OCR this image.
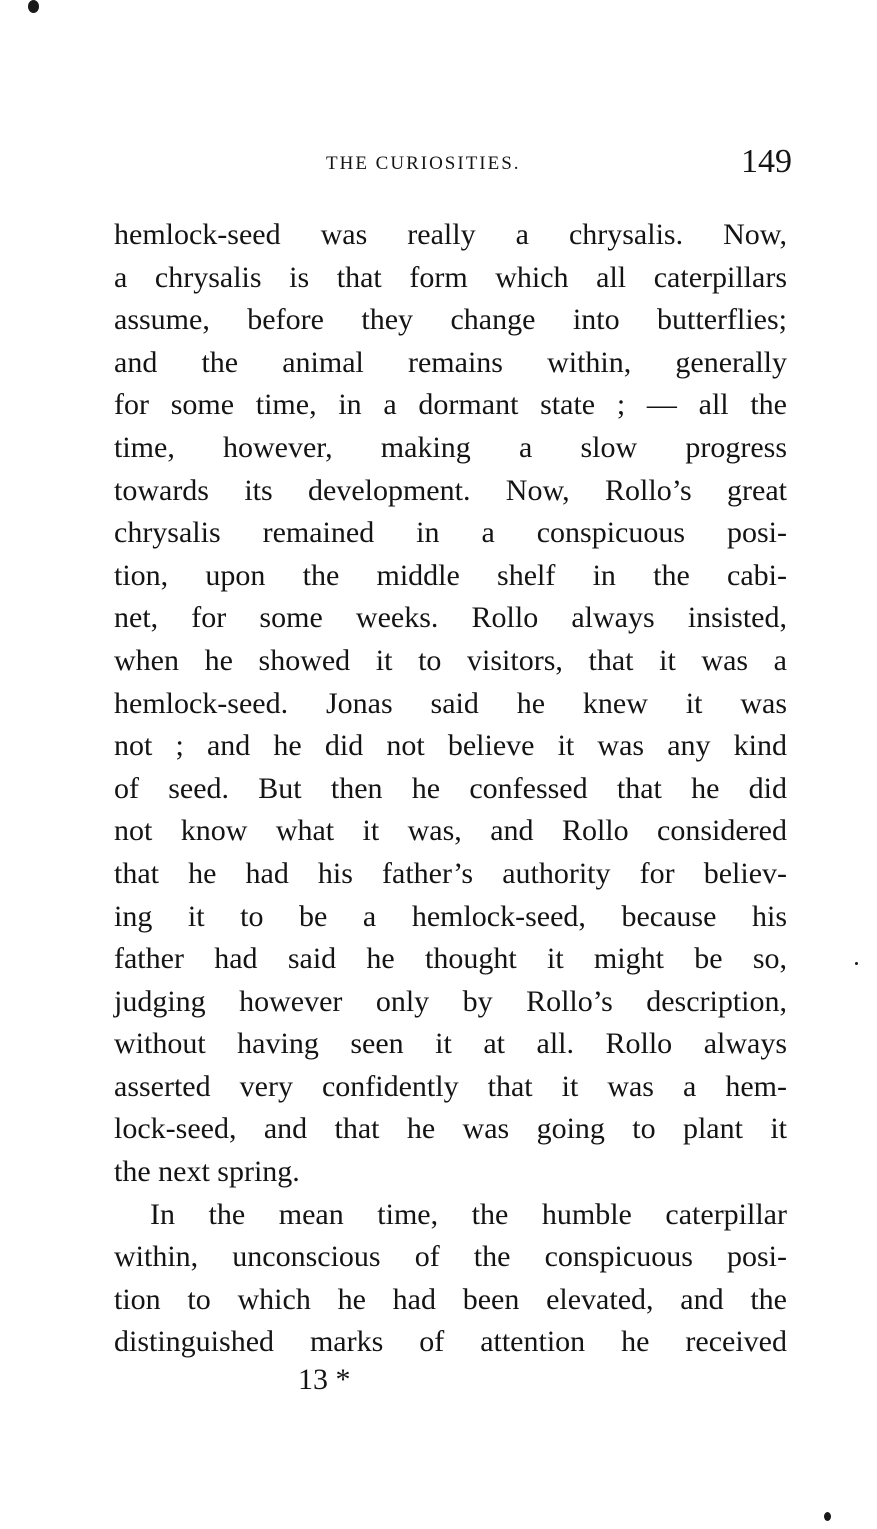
THE CURIOSITIES.	149
hemlock-seed was really a chrysalis. Now,
a chrysalis is that form which all caterpillars
assume, before they change into butterflies;
and the animal remains within, generally
for some time, in a dormant state ; — all the
time, however, making a slow progress
towards its development. Now, Rollo’s great
chrysalis remained in a conspicuous posi-
tion, upon the middle shelf in the cabi-
net, for some weeks. Rollo always insisted,
when he showed it to visitors, that it was a
hemlock-seed. Jonas said he knew it was
not ; and he did not believe it was any kind
of seed. But then he confessed that he did
not know what it was, and Rollo considered
that he had his father’s authority for believ-
ing it to be a hemlock-seed, because his
father had said he thought it might be so,
judging however only by Rollo’s description,
without having seen it at all. Rollo always
asserted very confidently that it was a hem-
lock-seed, and that he was going to plant it
the next spring.
In the mean time, the humble caterpillar
within, unconscious of the conspicuous posi-
tion to which he had been elevated, and the
distinguished marks of attention he received
13 *
